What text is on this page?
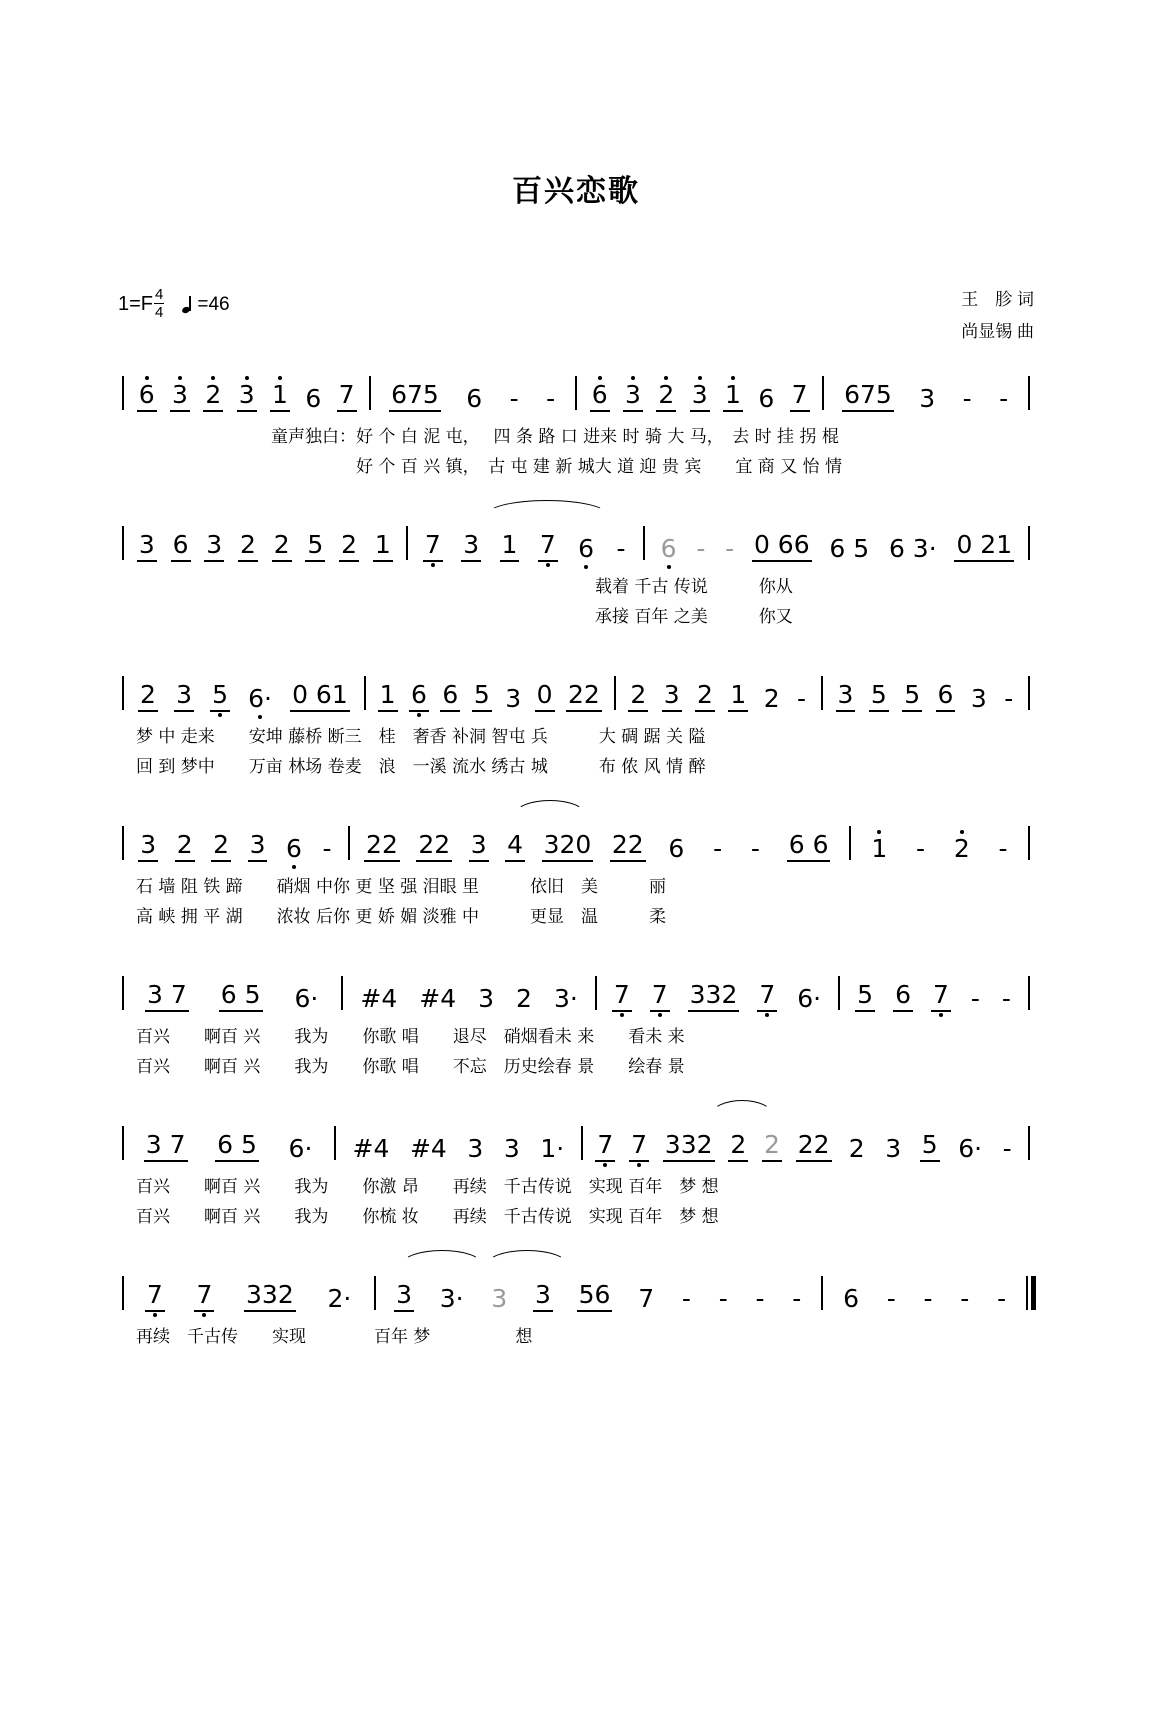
百兴恋歌
$1=F \frac{4}{4} =46$	王　胗 词
尚显锡 曲
6 3 2 3 1 6 7 675 6 - - 6 3 2 3 1 6 7 675 3 - -
童声独白：好 个 白 泥 屯，　 四 条 路 口 进来 时 骑 大 马，　去 时 挂 拐 棍
　　　　　好 个 百 兴 镇，　古 屯 建 新 城大 道 迎 贵 宾　　宜 商 又 怡 情
3 6 3 2 2 5 2 1 7 3 1 7 6 - 6 - - 0 66 6 5 6 3· 0 21
　　　　　　　　　　　　　　　　　　　　　　　　　　　载着 千古 传说　　　你从
　　　　　　　　　　　　　　　　　　　　　　　　　　　承接 百年 之美　　　你又
2 3 5 6· 0 61 1 6 6 5 3 0 22 2 3 2 1 2 - 3 5 5 6 3 -
梦 中 走来　　安坤 藤桥 断三　桂　奢香 补洞 智屯 兵　　　大 碉 踞 关 隘
回 到 梦中　　万亩 林场 卷麦　浪　一溪 流水 绣古 城　　　布 侬 风 情 醉
3 2 2 3 6 - 22 22 3 4 320 22 6 - - 6 6 1 - 2 -
石 墙 阻 铁 蹄　　硝烟 中你 更 坚 强 泪眼 里　　　依旧　美　　　丽
高 峡 拥 平 湖　　浓妆 后你 更 娇 媚 淡雅 中　　　更显　温　　　柔
3 7 6 5 6· #4 #4 3 2 3· 7 7 332 7 6· 5 6 7 - -
百兴　　啊百 兴　　我为　　你歌 唱　　退尽　硝烟看未 来　　看未 来
百兴　　啊百 兴　　我为　　你歌 唱　　不忘　历史绘春 景　　绘春 景
3 7 6 5 6· #4 #4 3 3 1· 7 7 332 2 2 22 2 3 5 6· -
百兴　　啊百 兴　　我为　　你激 昂　　再续　千古传说　实现 百年　梦 想
百兴　　啊百 兴　　我为　　你梳 妆　　再续　千古传说　实现 百年　梦 想
7 7 332 2· 3 3· 3 3 56 7 - - - - 6 - - - -
再续　千古传　　实现　　　　百年 梦　　　　　想
